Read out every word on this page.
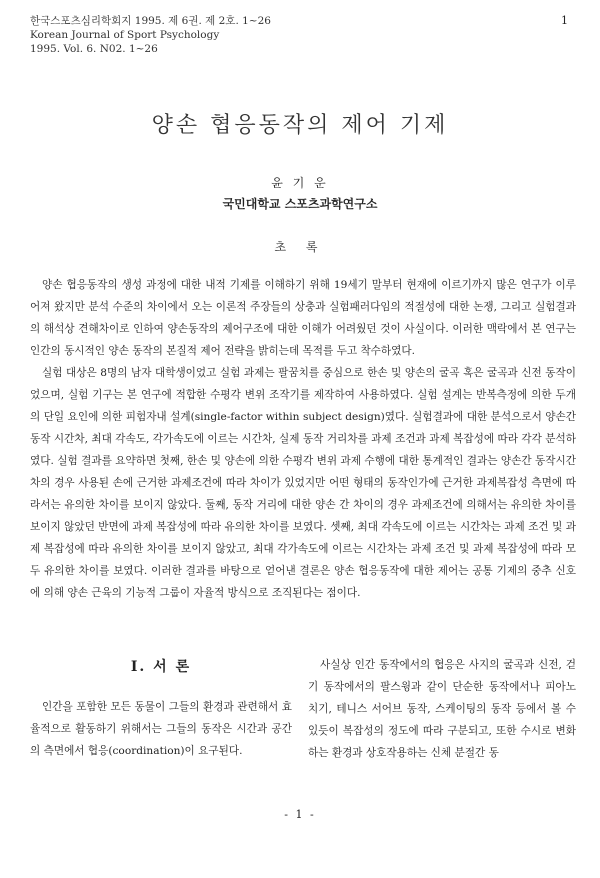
한국스포츠심리학회지 1995. 제 6권. 제 2호. 1~26
Korean Journal of Sport Psychology
1995. Vol. 6. N02. 1~26
1
양손 협응동작의 제어 기제
윤 기 운
국민대학교 스포츠과학연구소
초 록

양손 협응동작의 생성 과정에 대한 내적 기제를 이해하기 위해 19세기 말부터 현재에 이르기까지 많은 연구가 이루어져 왔지만 분석 수준의 차이에서 오는 이론적 주장들의 상충과 실험패러다임의 적절성에 대한 논쟁, 그리고 실험결과의 해석상 견해차이로 인하여 양손동작의 제어구조에 대한 이해가 어려웠던 것이 사실이다. 이러한 맥락에서 본 연구는 인간의 동시적인 양손 동작의 본질적 제어 전략을 밝히는데 목적를 두고 착수하였다.

실험 대상은 8명의 남자 대학생이었고 실험 과제는 팔꿈치를 중심으로 한손 및 양손의 굴곡 혹은 굴곡과 신전 동작이었으며, 실험 기구는 본 연구에 적합한 수평각 변위 조작기를 제작하여 사용하였다. 실험 설계는 반복측정에 의한 두개의 단일 요인에 의한 피험자내 설계(single-factor within subject design)였다. 실험결과에 대한 분석으로서 양손간 동작 시간차, 최대 각속도, 각가속도에 이르는 시간차, 실제 동작 거리차를 과제 조건과 과제 복잡성에 따라 각각 분석하였다. 실험 결과를 요약하면 첫째, 한손 및 양손에 의한 수평각 변위 과제 수행에 대한 통계적인 결과는 양손간 동작시간차의 경우 사용된 손에 근거한 과제조건에 따라 차이가 있었지만 어떤 형태의 동작인가에 근거한 과제복잡성 측면에 따라서는 유의한 차이를 보이지 않았다. 둘째, 동작 거리에 대한 양손 간 차이의 경우 과제조건에 의해서는 유의한 차이를 보이지 않았던 반면에 과제 복잡성에 따라 유의한 차이를 보였다. 셋째, 최대 각속도에 이르는 시간차는 과제 조건 및 과제 복잡성에 따라 유의한 차이를 보이지 않았고, 최대 각가속도에 이르는 시간차는 과제 조건 및 과제 복잡성에 따라 모두 유의한 차이를 보였다. 이러한 결과를 바탕으로 얻어낸 결론은 양손 협응동작에 대한 제어는 공통 기제의 중추 신호에 의해 양손 근육의 기능적 그룹이 자율적 방식으로 조직된다는 점이다.

I. 서 론

인간을 포함한 모든 동물이 그들의 환경과 관련해서 효율적으로 활동하기 위해서는 그들의 동작은 시간과 공간의 측면에서 협응(coordination)이 요구된다.

사실상 인간 동작에서의 협응은 사지의 굴곡과 신전, 걷기 동작에서의 팔스윙과 같이 단순한 동작에서나 피아노 치기, 테니스 서어브 동작, 스케이팅의 동작 등에서 볼 수 있듯이 복잡성의 정도에 따라 구분되고, 또한 수시로 변화하는 환경과 상호작용하는 신체 분절간 동

- 1 -
